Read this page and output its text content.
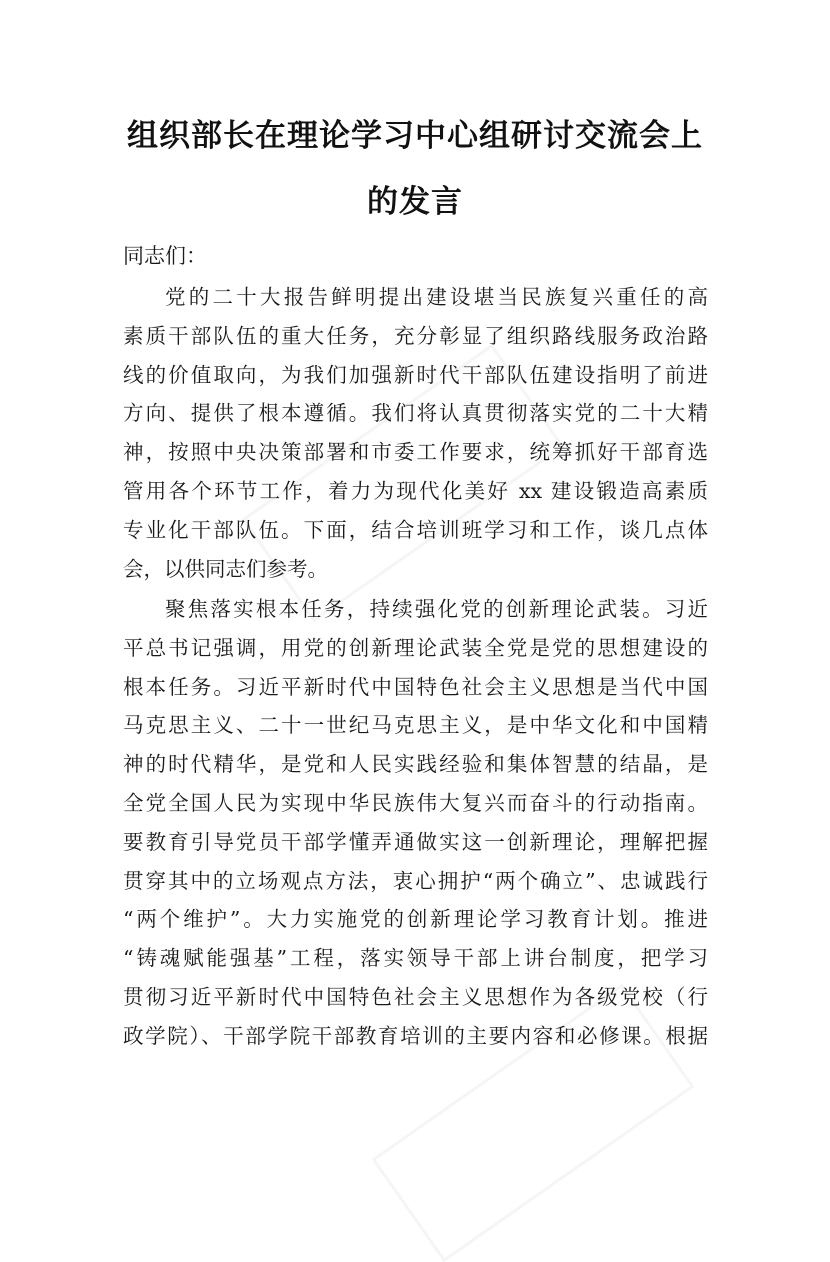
组织部长在理论学习中心组研讨交流会上
的发言
同志们：
党的二十大报告鲜明提出建设堪当民族复兴重任的高
素质干部队伍的重大任务，充分彰显了组织路线服务政治路
线的价值取向，为我们加强新时代干部队伍建设指明了前进
方向、提供了根本遵循。我们将认真贯彻落实党的二十大精
神，按照中央决策部署和市委工作要求，统筹抓好干部育选
管用各个环节工作，着力为现代化美好 xx 建设锻造高素质
专业化干部队伍。下面，结合培训班学习和工作，谈几点体
会，以供同志们参考。
聚焦落实根本任务，持续强化党的创新理论武装。习近
平总书记强调，用党的创新理论武装全党是党的思想建设的
根本任务。习近平新时代中国特色社会主义思想是当代中国
马克思主义、二十一世纪马克思主义，是中华文化和中国精
神的时代精华，是党和人民实践经验和集体智慧的结晶，是
全党全国人民为实现中华民族伟大复兴而奋斗的行动指南。
要教育引导党员干部学懂弄通做实这一创新理论，理解把握
贯穿其中的立场观点方法，衷心拥护“两个确立”、忠诚践行
“两个维护”。大力实施党的创新理论学习教育计划。推进
“铸魂赋能强基”工程，落实领导干部上讲台制度，把学习
贯彻习近平新时代中国特色社会主义思想作为各级党校（行
政学院）、干部学院干部教育培训的主要内容和必修课。根据
